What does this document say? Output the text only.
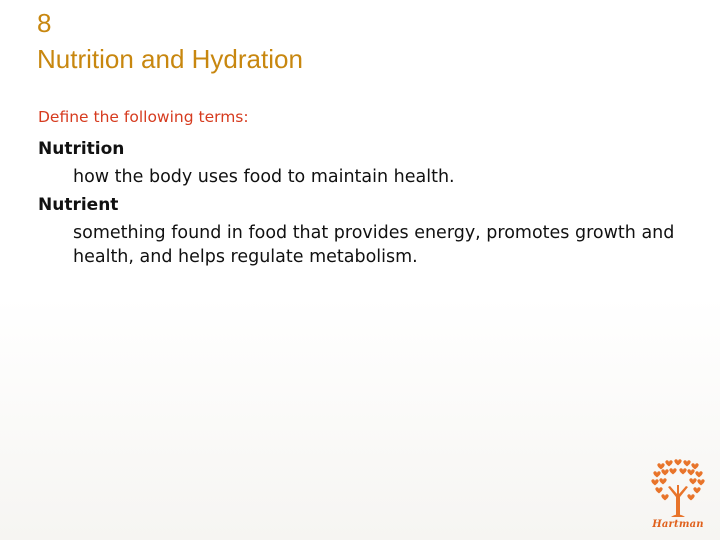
8
Nutrition and Hydration
Define the following terms:
Nutrition
how the body uses food to maintain health.
Nutrient
something found in food that provides energy, promotes growth and health, and helps regulate metabolism.
Hartman
